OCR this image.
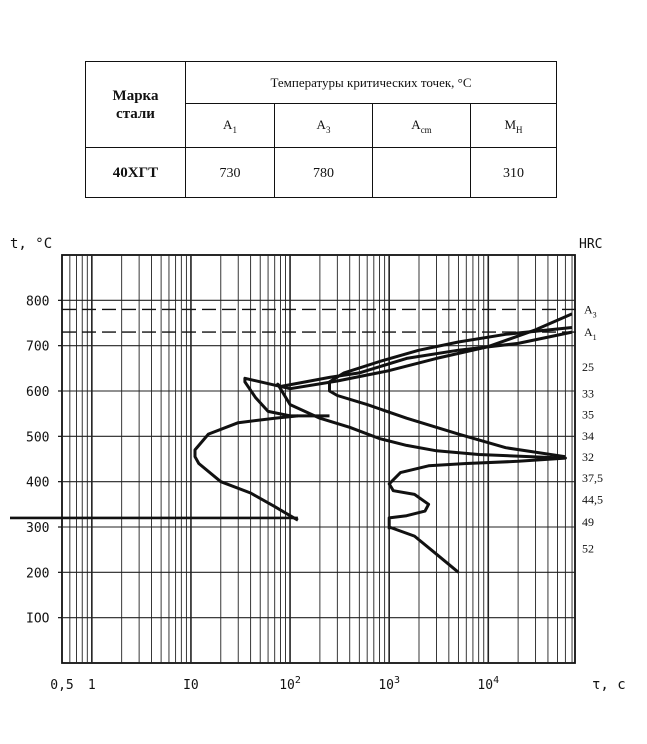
Марка стали	Температуры критических точек, °С			
	$A_1$	$A_3$	$A_{cm}$	$M_H$
40ХГТ	730	780		310
$A_3$
$A_1$
IOO
200
300
400
500
600
700
800
0,5 1	I0	$10^2$	$10^3$	$10^4$
t, °C	HRC
τ, с
25
33
35
34
32
37,5
44,5
49
52
